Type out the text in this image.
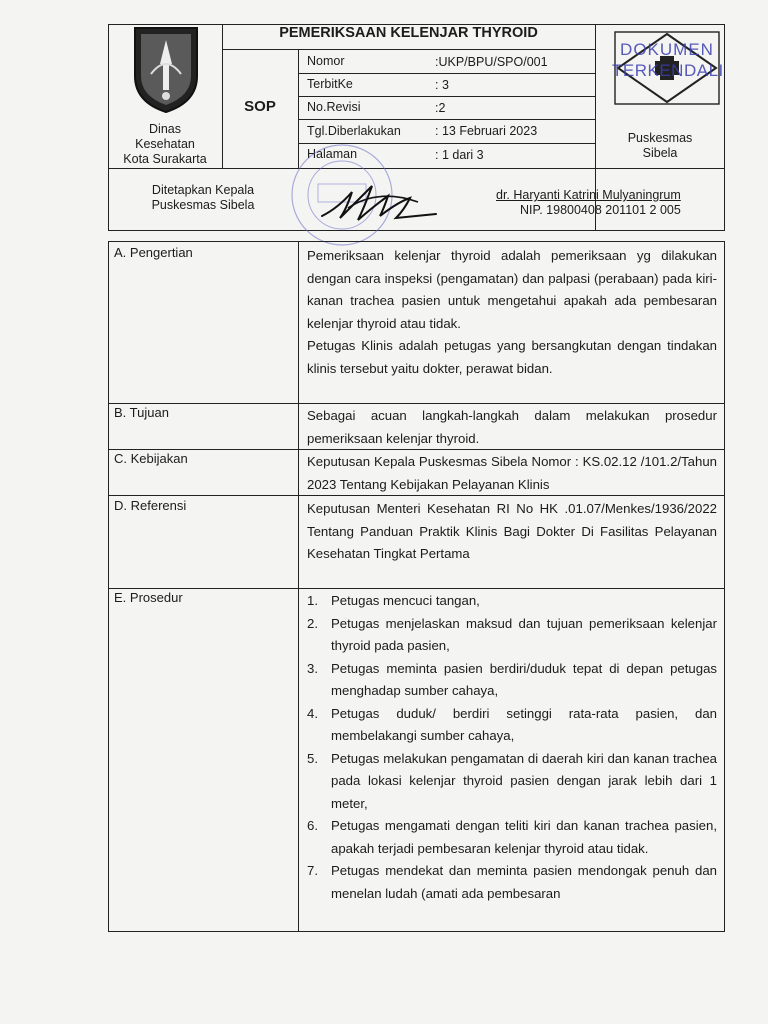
Dinas
Kesehatan
Kota Surakarta
PEMERIKSAAN KELENJAR THYROID
SOP
Nomor	:UKP/BPU/SPO/001
TerbitKe	: 3
No.Revisi	:2
Tgl.Diberlakukan	: 13 Februari 2023
Halaman	: 1 dari 3
DOKUMEN
TERKENDALI
Puskesmas
Sibela
Ditetapkan Kepala
Puskesmas Sibela
dr. Haryanti Katrini Mulyaningrum
NIP. 19800408 201101 2 005
A. Pengertian	Pemeriksaan kelenjar thyroid adalah pemeriksaan yg dilakukan dengan cara inspeksi (pengamatan) dan palpasi (perabaan) pada kiri-kanan trachea pasien untuk mengetahui apakah ada pembesaran kelenjar thyroid atau tidak.
Petugas Klinis adalah petugas yang bersangkutan dengan tindakan klinis tersebut yaitu dokter, perawat bidan.
B. Tujuan	Sebagai acuan langkah-langkah dalam melakukan prosedur pemeriksaan kelenjar thyroid.
C. Kebijakan	Keputusan Kepala Puskesmas Sibela Nomor : KS.02.12 /101.2/Tahun 2023 Tentang Kebijakan Pelayanan Klinis
D. Referensi	Keputusan Menteri Kesehatan RI No HK .01.07/Menkes/1936/2022 Tentang Panduan Praktik Klinis Bagi Dokter Di Fasilitas Pelayanan Kesehatan Tingkat Pertama
E. Prosedur	1. Petugas mencuci tangan,
2. Petugas menjelaskan maksud dan tujuan pemeriksaan kelenjar thyroid pada pasien,
3. Petugas meminta pasien berdiri/duduk tepat di depan petugas menghadap sumber cahaya,
4. Petugas duduk/ berdiri setinggi rata-rata pasien, dan membelakangi sumber cahaya,
5. Petugas melakukan pengamatan di daerah kiri dan kanan trachea pada lokasi kelenjar thyroid pasien dengan jarak lebih dari 1 meter,
6. Petugas mengamati dengan teliti kiri dan kanan trachea pasien, apakah terjadi pembesaran kelenjar thyroid atau tidak.
7. Petugas mendekat dan meminta pasien mendongak penuh dan menelan ludah (amati ada pembesaran
